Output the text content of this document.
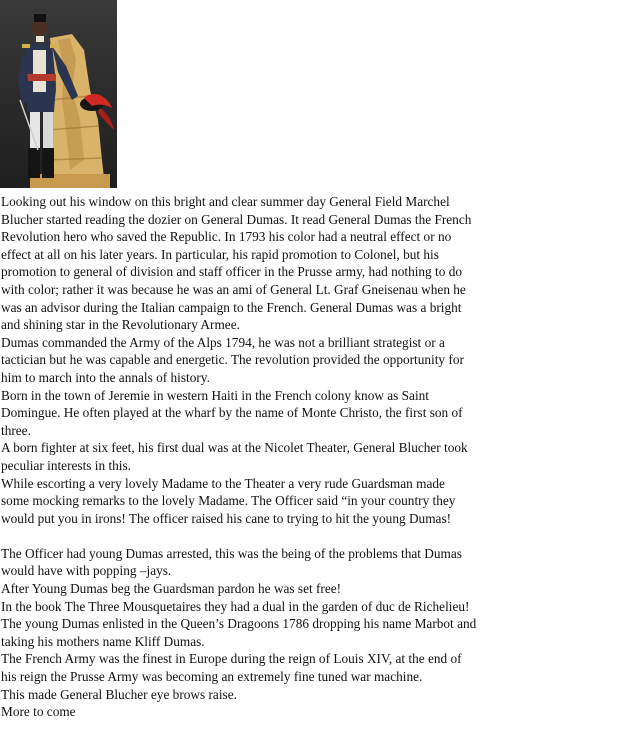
Looking out his window on this bright and clear summer day General Field Marchel

Blucher started reading the dozier on General Dumas. It read General Dumas the French

Revolution hero who saved the Republic. In 1793 his color had a neutral effect or no

effect at all on his later years. In particular, his rapid promotion to Colonel, but his

promotion to general of division and staff officer in the Prusse army, had nothing to do

with color; rather it was because he was an ami of General Lt. Graf Gneisenau when he

was an advisor during the Italian campaign to the French. General Dumas was a bright

and shining star in the Revolutionary Armee.

Dumas commanded the Army of the Alps 1794, he was not a brilliant strategist or a

tactician but he was capable and energetic. The revolution provided the opportunity for

him to march into the annals of history.

Born in the town of Jeremie in western Haiti in the French colony know as Saint

Domingue. He often played at the wharf by the name of Monte Christo, the first son of

three.

A born fighter at six feet, his first dual was at the Nicolet Theater, General Blucher took

peculiar interests in this.

While escorting a very lovely Madame to the Theater a very rude Guardsman made

some mocking remarks to the lovely Madame. The Officer said “in your country they

would put you in irons! The officer raised his cane to trying to hit the young Dumas!

The Officer had young Dumas arrested, this was the being of the problems that Dumas

would have with popping –jays.

After Young Dumas beg the Guardsman pardon he was set free!

In the book The Three Mousquetaires they had a dual in the garden of duc de Richelieu!

The young Dumas enlisted in the Queen’s Dragoons 1786 dropping his name Marbot and

taking his mothers name Kliff Dumas.

The French Army was the finest in Europe during the reign of Louis XIV, at the end of

his reign the Prusse Army was becoming an extremely fine tuned war machine.

This made General Blucher eye brows raise.

More to come
